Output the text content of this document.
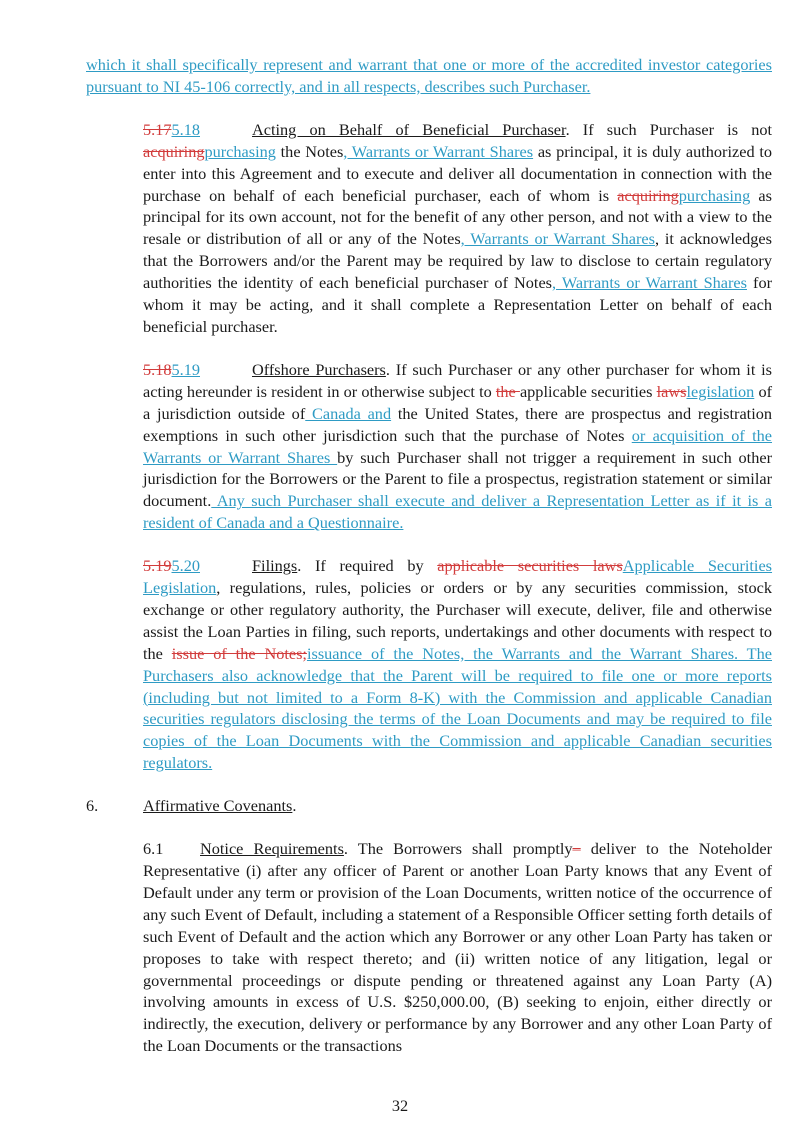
which it shall specifically represent and warrant that one or more of the accredited investor categories pursuant to NI 45-106 correctly, and in all respects, describes such Purchaser.

5.175.18	Acting on Behalf of Beneficial Purchaser. If such Purchaser is not acquiringpurchasing the Notes, Warrants or Warrant Shares as principal, it is duly authorized to enter into this Agreement and to execute and deliver all documentation in connection with the purchase on behalf of each beneficial purchaser, each of whom is acquiringpurchasing as principal for its own account, not for the benefit of any other person, and not with a view to the resale or distribution of all or any of the Notes, Warrants or Warrant Shares, it acknowledges that the Borrowers and/or the Parent may be required by law to disclose to certain regulatory authorities the identity of each beneficial purchaser of Notes, Warrants or Warrant Shares for whom it may be acting, and it shall complete a Representation Letter on behalf of each beneficial purchaser.

5.185.19	Offshore Purchasers. If such Purchaser or any other purchaser for whom it is acting hereunder is resident in or otherwise subject to the applicable securities lawslegislation of a jurisdiction outside of Canada and the United States, there are prospectus and registration exemptions in such other jurisdiction such that the purchase of Notes or acquisition of the Warrants or Warrant Shares by such Purchaser shall not trigger a requirement in such other jurisdiction for the Borrowers or the Parent to file a prospectus, registration statement or similar document. Any such Purchaser shall execute and deliver a Representation Letter as if it is a resident of Canada and a Questionnaire.

5.195.20	Filings. If required by applicable securities lawsApplicable Securities Legislation, regulations, rules, policies or orders or by any securities commission, stock exchange or other regulatory authority, the Purchaser will execute, deliver, file and otherwise assist the Loan Parties in filing, such reports, undertakings and other documents with respect to the issue of the Notes;issuance of the Notes, the Warrants and the Warrant Shares. The Purchasers also acknowledge that the Parent will be required to file one or more reports (including but not limited to a Form 8-K) with the Commission and applicable Canadian securities regulators disclosing the terms of the Loan Documents and may be required to file copies of the Loan Documents with the Commission and applicable Canadian securities regulators.

6.	Affirmative Covenants.

6.1 Notice Requirements. The Borrowers shall promptly– deliver to the Noteholder Representative (i) after any officer of Parent or another Loan Party knows that any Event of Default under any term or provision of the Loan Documents, written notice of the occurrence of any such Event of Default, including a statement of a Responsible Officer setting forth details of such Event of Default and the action which any Borrower or any other Loan Party has taken or proposes to take with respect thereto; and (ii) written notice of any litigation, legal or governmental proceedings or dispute pending or threatened against any Loan Party (A) involving amounts in excess of U.S. $250,000.00, (B) seeking to enjoin, either directly or indirectly, the execution, delivery or performance by any Borrower and any other Loan Party of the Loan Documents or the transactions

32
